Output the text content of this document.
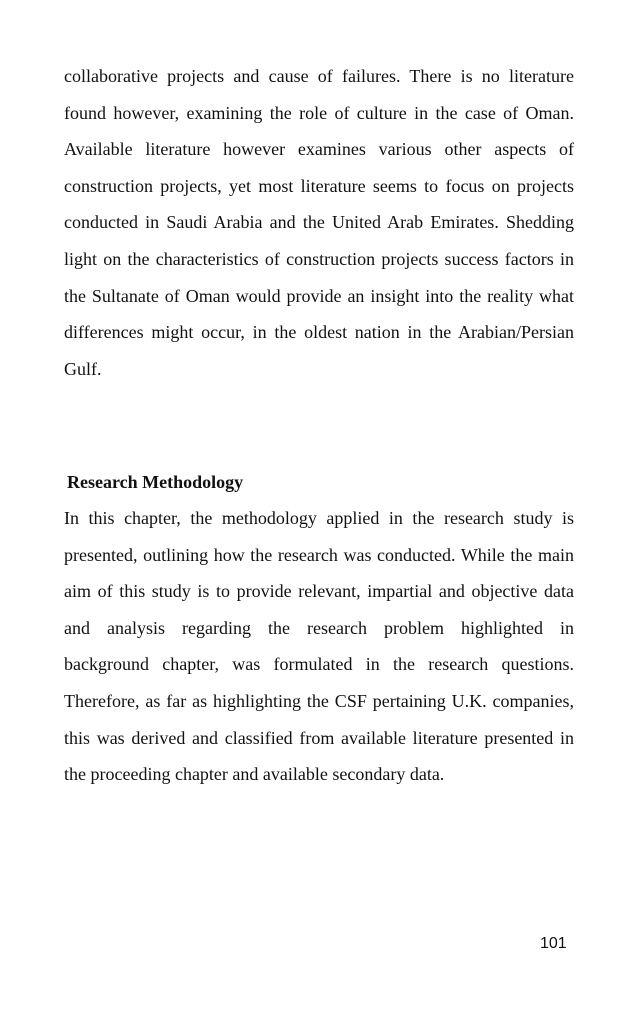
collaborative projects and cause of failures. There is no literature found however, examining the role of culture in the case of Oman. Available literature however examines various other aspects of construction projects, yet most literature seems to focus on projects conducted in Saudi Arabia and the United Arab Emirates. Shedding light on the characteristics of construction projects success factors in the Sultanate of Oman would provide an insight into the reality what differences might occur, in the oldest nation in the Arabian/Persian Gulf.

Research Methodology

In this chapter, the methodology applied in the research study is presented, outlining how the research was conducted. While the main aim of this study is to provide relevant, impartial and objective data and analysis regarding the research problem highlighted in background chapter, was formulated in the research questions. Therefore, as far as highlighting the CSF pertaining U.K. companies, this was derived and classified from available literature presented in the proceeding chapter and available secondary data.

101
